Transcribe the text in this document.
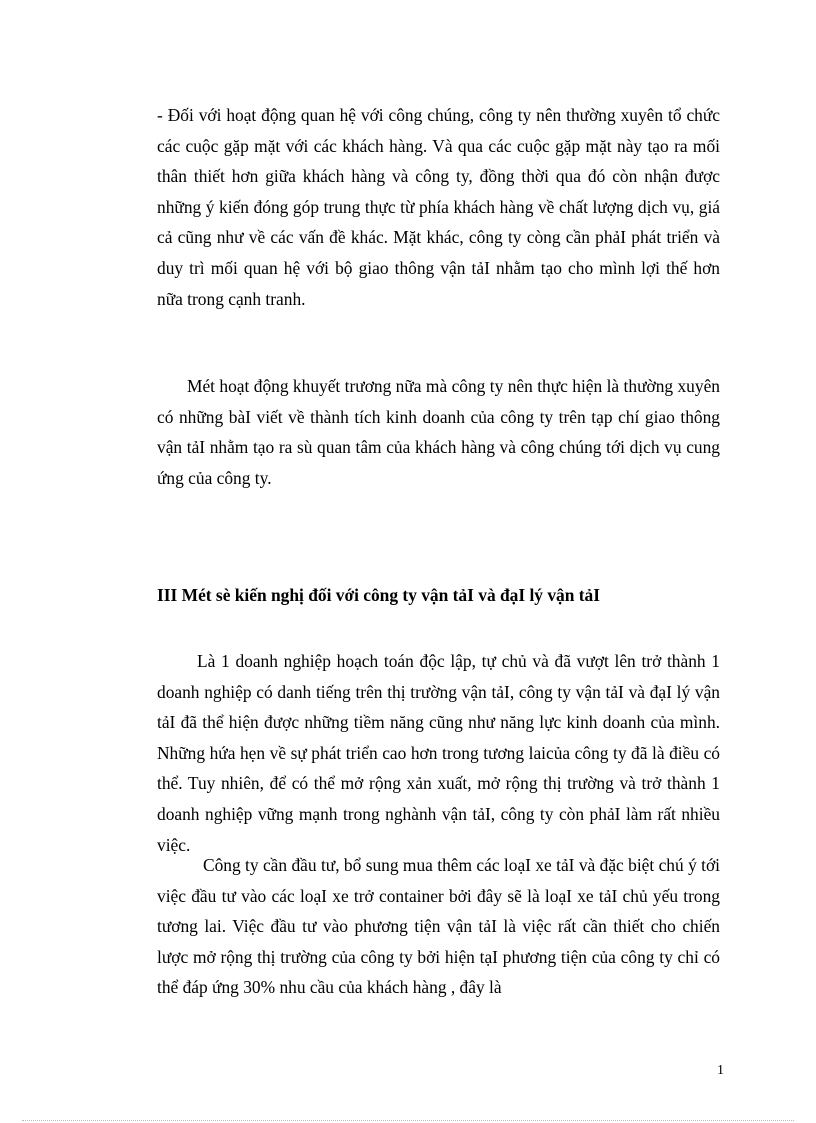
- Đối với hoạt động quan hệ với công chúng, công ty nên thường xuyên tổ chức các cuộc gặp mặt với các khách hàng. Và qua các cuộc gặp mặt này tạo ra mối thân thiết hơn giữa khách hàng và công ty, đồng thời qua đó còn nhận được những ý kiến đóng góp trung thực từ phía khách hàng về chất lượng dịch vụ, giá cả cũng như về các vấn đề khác. Mặt khác, công ty còng cần phảI phát triển và duy trì mối quan hệ với bộ giao thông vận tảI nhằm tạo cho mình lợi thế hơn nữa trong cạnh tranh.

Mét hoạt động khuyết trương nữa mà công ty nên thực hiện là thường xuyên có những bàI viết về thành tích kinh doanh của công ty trên tạp chí giao thông vận tảI nhằm tạo ra sù quan tâm của khách hàng và công chúng tới dịch vụ cung ứng của công ty.

III Mét sè kiến nghị đối với công ty vận tảI và đạI lý vận tảI

Là 1 doanh nghiệp hoạch toán độc lập, tự chủ và đã vượt lên trở thành 1 doanh nghiệp có danh tiếng trên thị trường vận tảI, công ty vận tảI và đạI lý vận tảI đã thể hiện được những tiềm năng cũng như năng lực kinh doanh của mình. Những hứa hẹn về sự phát triển cao hơn trong tương laicủa công ty đã là điều có thể. Tuy nhiên, để có thể mở rộng xản xuất, mở rộng thị trường và trở thành 1 doanh nghiệp vững mạnh trong nghành vận tảI, công ty còn phảI làm rất nhiều việc.

Công ty cần đầu tư, bổ sung mua thêm các loạI xe tảI và đặc biệt chú ý tới việc đầu tư vào các loạI xe trở container bởi đây sẽ là loạI xe tảI chủ yếu trong tương lai. Việc đầu tư vào phương tiện vận tảI là việc rất cần thiết cho chiến lược mở rộng thị trường của công ty bởi hiện tạI phương tiện của công ty chỉ có thể đáp ứng 30% nhu cầu của khách hàng , đây là

1
